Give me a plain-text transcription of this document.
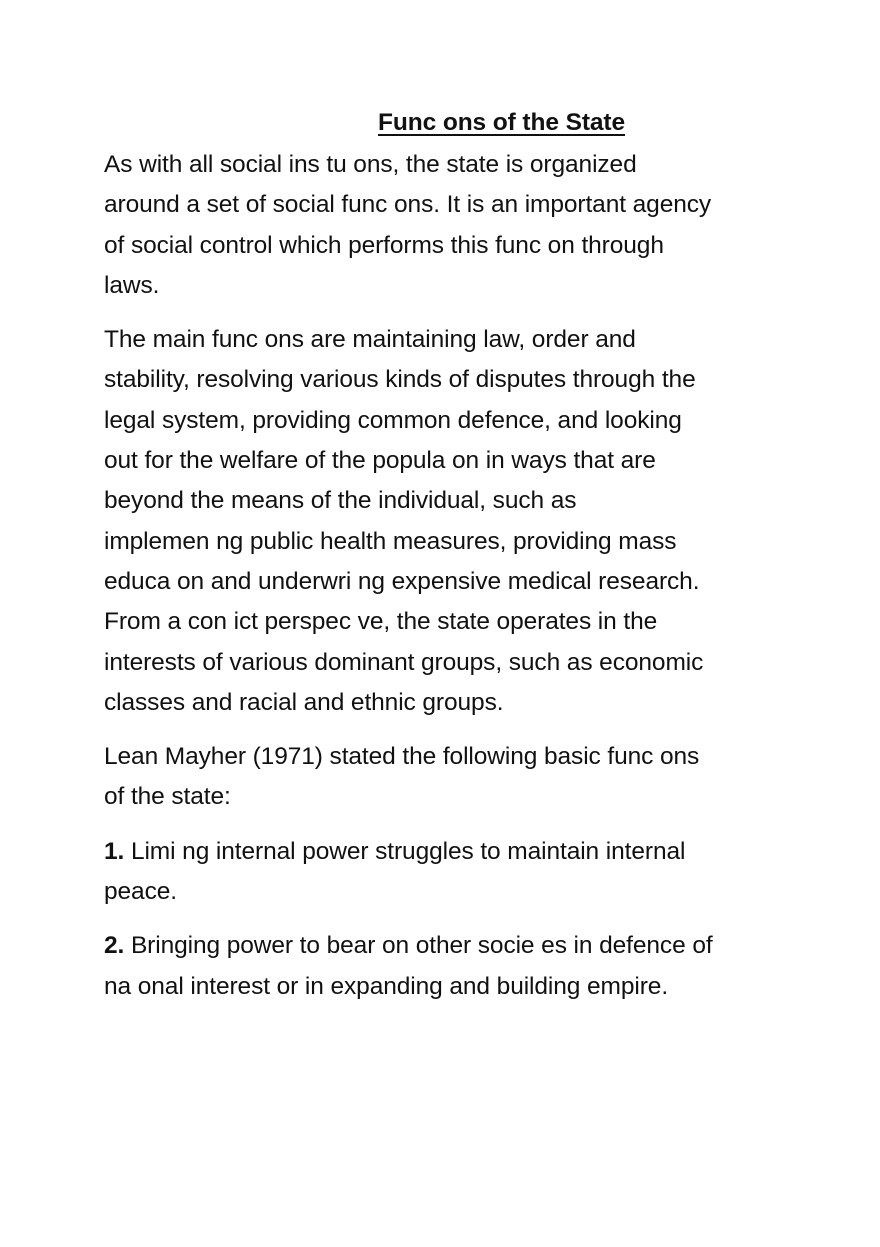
Func ons of the State
As with all social ins tu ons, the state is organized
around a set of social func ons. It is an important agency
of social control which performs this func on through
laws.
The main func ons are maintaining law, order and
stability, resolving various kinds of disputes through the
legal system, providing common defence, and looking
out for the welfare of the popula on in ways that are
beyond the means of the individual, such as
implemen ng public health measures, providing mass
educa on and underwri ng expensive medical research.
From a con ict perspec ve, the state operates in the
interests of various dominant groups, such as economic
classes and racial and ethnic groups.
Lean Mayher (1971) stated the following basic func ons
of the state:
1. Limi ng internal power struggles to maintain internal
peace.
2. Bringing power to bear on other socie es in defence of
na onal interest or in expanding and building empire.
